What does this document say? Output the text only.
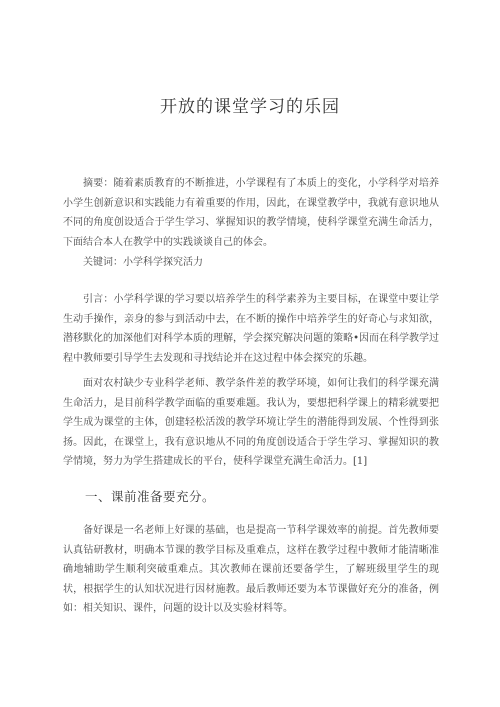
开放的课堂学习的乐园

摘要：随着素质教育的不断推进，小学课程有了本质上的变化，小学科学对培养小学生创新意识和实践能力有着重要的作用，因此，在课堂教学中，我就有意识地从不同的角度创设适合于学生学习、掌握知识的教学情境，使科学课堂充满生命活力，下面结合本人在教学中的实践谈谈自己的体会。

关键词：小学科学探究活力

引言：小学科学课的学习要以培养学生的科学素养为主要目标，在课堂中要让学生动手操作，亲身的参与到活动中去，在不断的操作中培养学生的好奇心与求知欲，潜移默化的加深他们对科学本质的理解，学会探究解决问题的策略•因而在科学教学过程中教师要引导学生去发现和寻找结论并在这过程中体会探究的乐趣。

面对农村缺少专业科学老师、教学条件差的教学环境，如何让我们的科学课充满生命活力，是目前科学教学面临的重要难题。我认为，要想把科学课上的精彩就要把学生成为课堂的主体，创建轻松活泼的教学环境让学生的潜能得到发展、个性得到张扬。因此，在课堂上，我有意识地从不同的角度创设适合于学生学习、掌握知识的教学情境，努力为学生搭建成长的平台，使科学课堂充满生命活力。[1]

一、课前准备要充分。

备好课是一名老师上好课的基础，也是提高一节科学课效率的前提。首先教师要认真钻研教材，明确本节课的教学目标及重难点，这样在教学过程中教师才能清晰准确地辅助学生顺利突破重难点。其次教师在课前还要备学生，了解班级里学生的现状，根据学生的认知状况进行因材施教。最后教师还要为本节课做好充分的准备，例如：相关知识、课件，问题的设计以及实验材料等。
